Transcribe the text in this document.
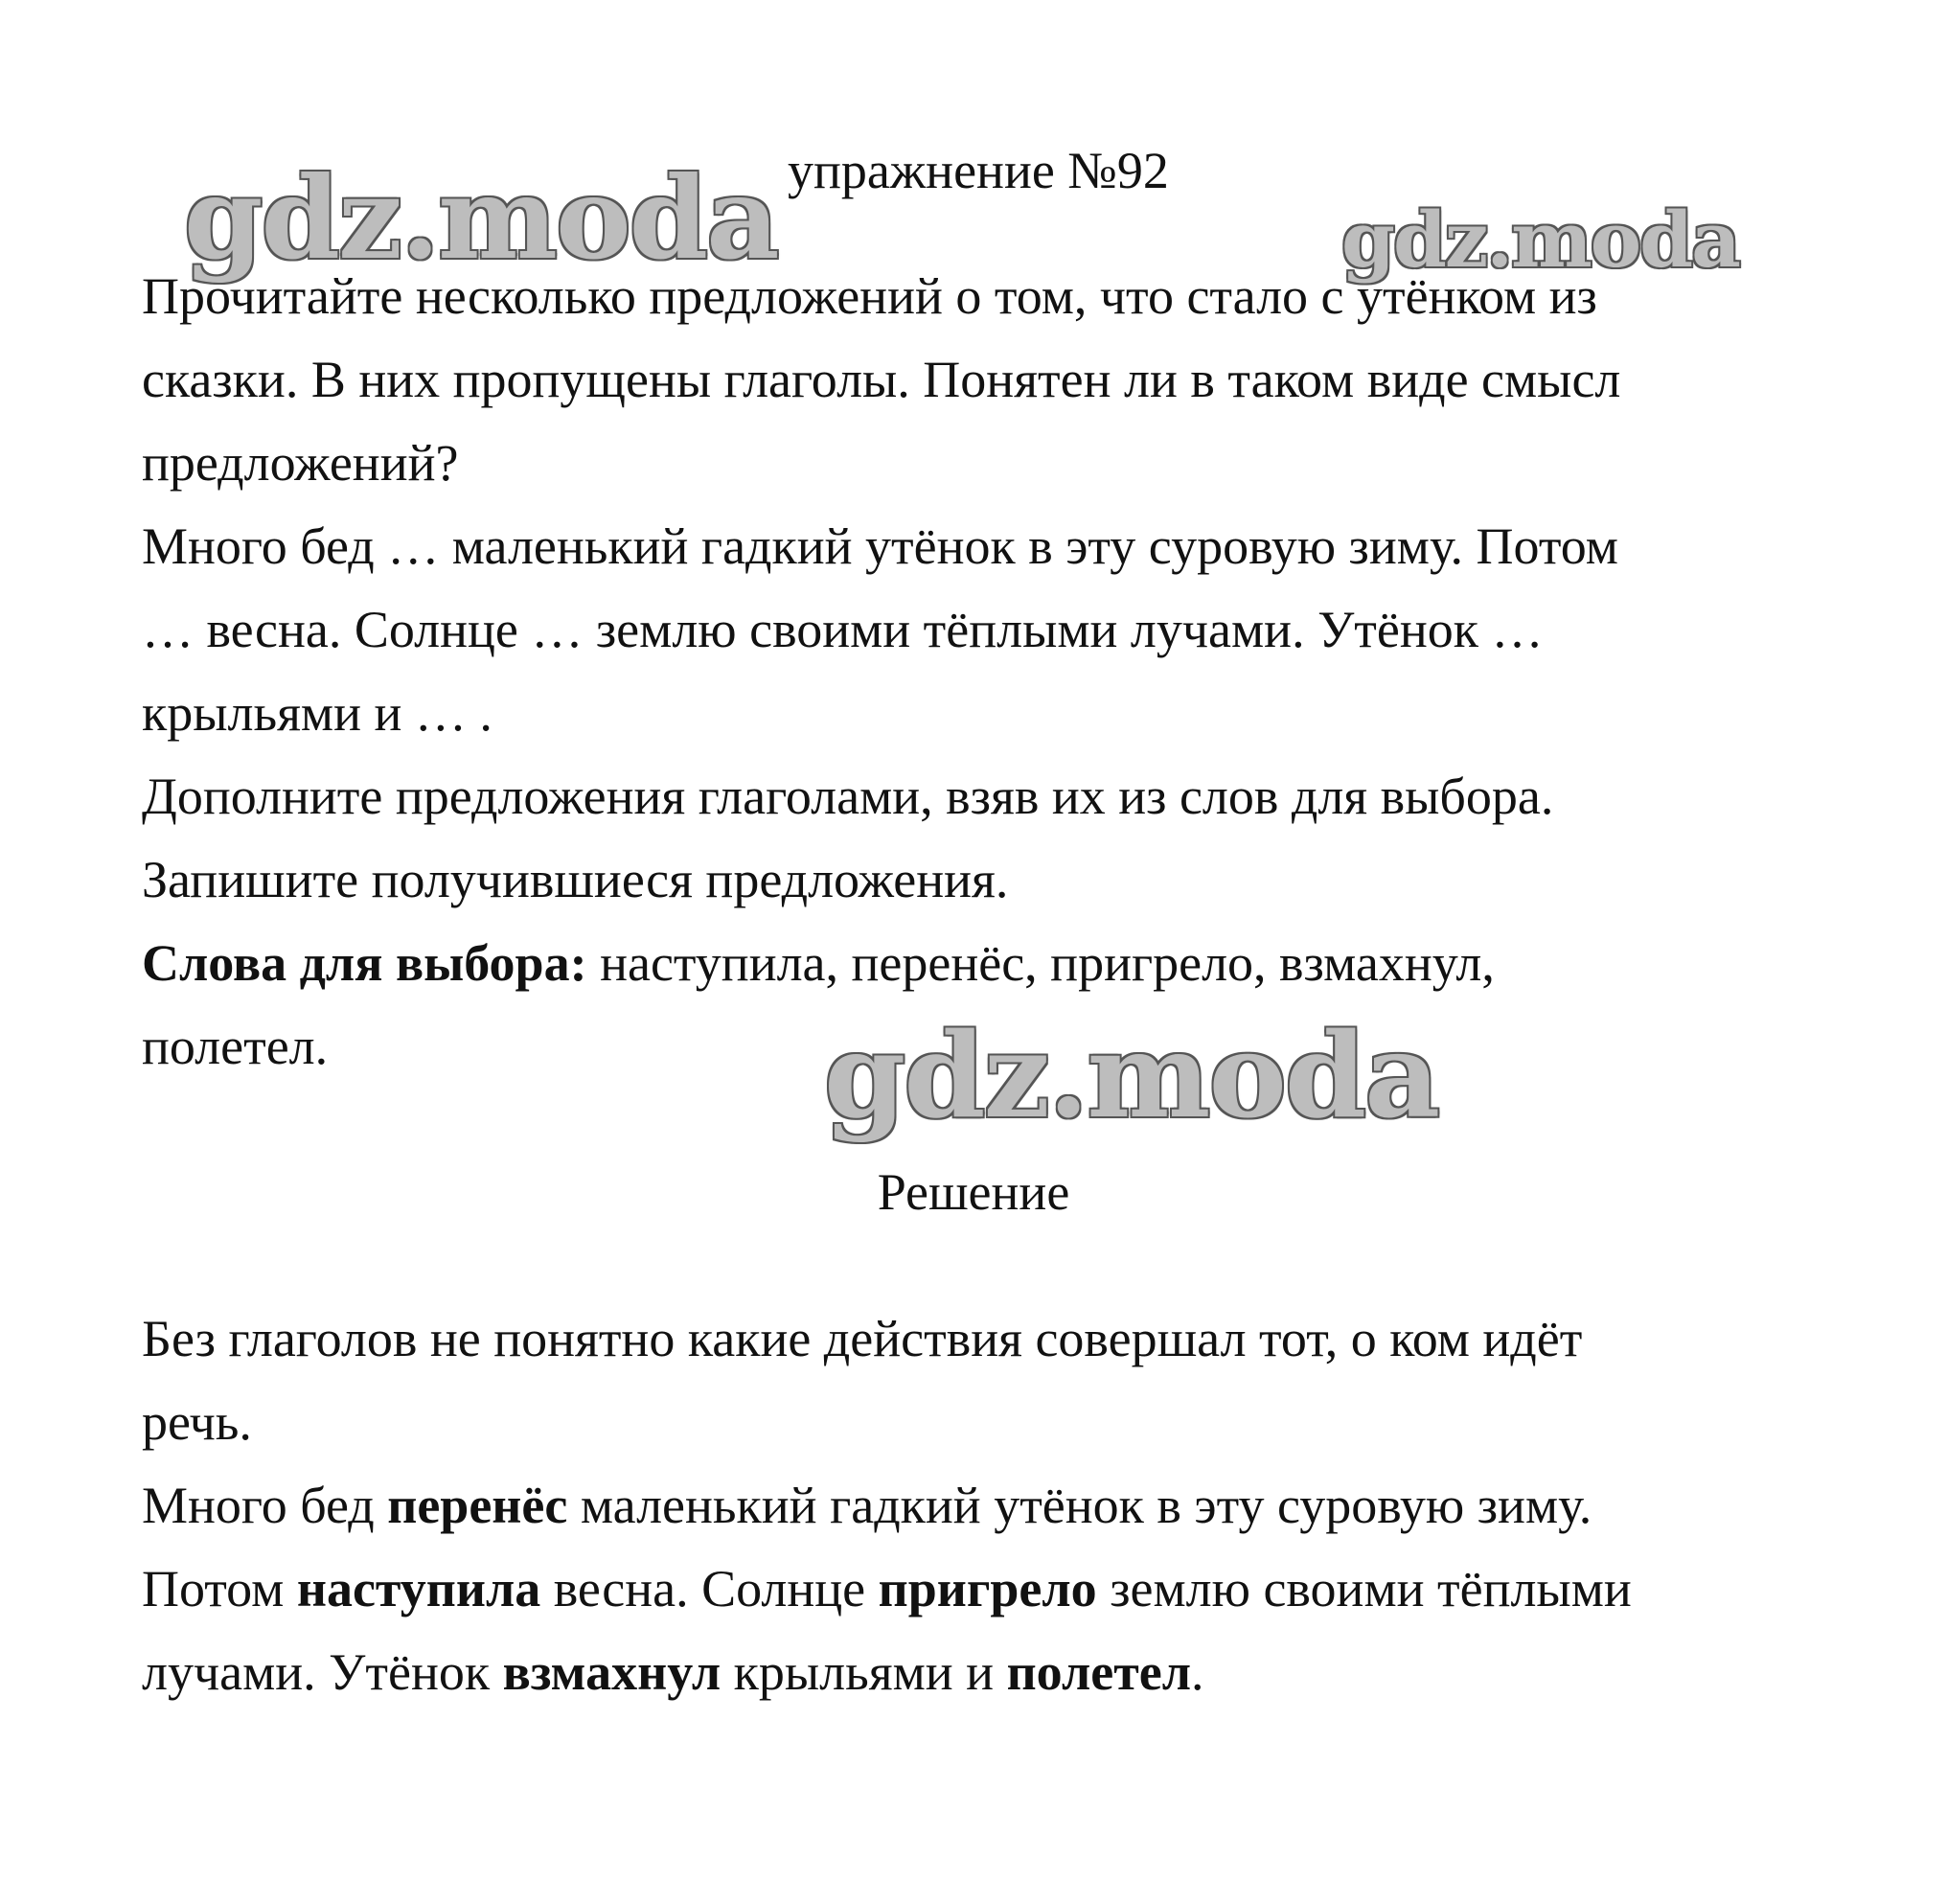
упражнение №92
gdz.moda	gdz.moda
Прочитайте несколько предложений о том, что стало с утёнком из
сказки. В них пропущены глаголы. Понятен ли в таком виде смысл
предложений?
Много бед … маленький гадкий утёнок в эту суровую зиму. Потом
… весна. Солнце … землю своими тёплыми лучами. Утёнок …
крыльями и … .
Дополните предложения глаголами, взяв их из слов для выбора.
Запишите получившиеся предложения.
Слова для выбора: наступила, перенёс, пригрело, взмахнул,
полетел.	gdz.moda
Решение
Без глаголов не понятно какие действия совершал тот, о ком идёт
речь.
Много бед перенёс маленький гадкий утёнок в эту суровую зиму.
Потом наступила весна. Солнце пригрело землю своими тёплыми
лучами. Утёнок взмахнул крыльями и полетел.
